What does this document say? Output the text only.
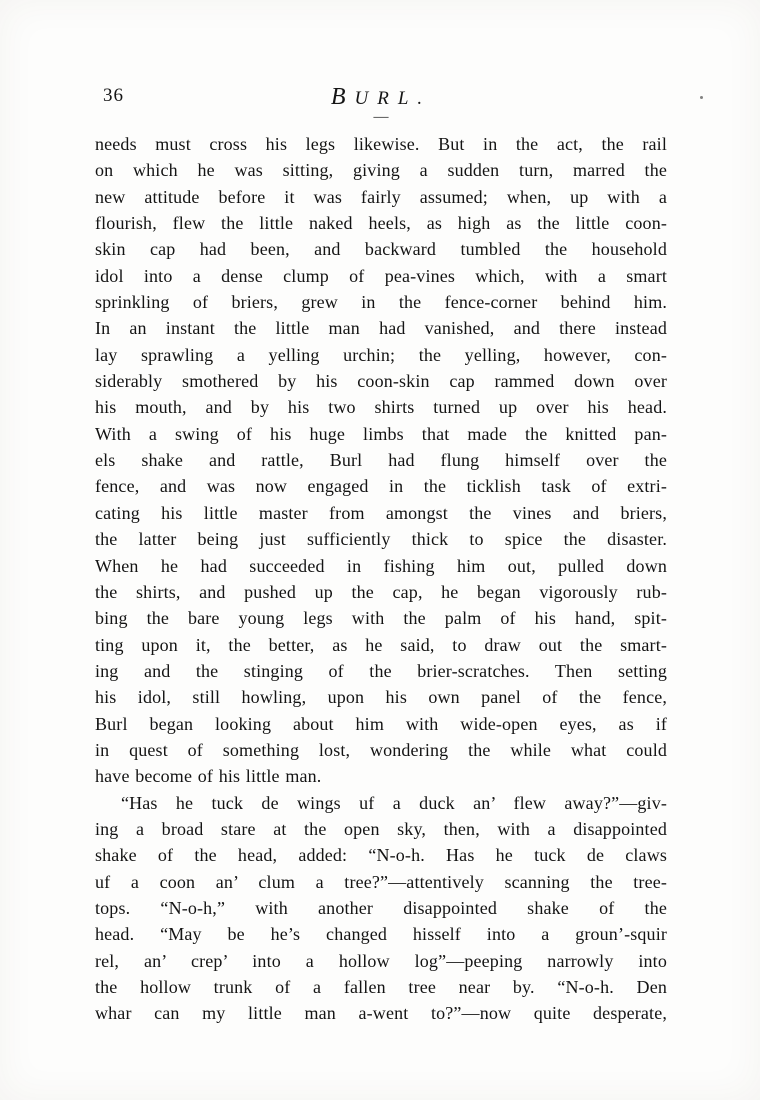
36	BURL.
—
needs must cross his legs likewise. But in the act, the rail
on which he was sitting, giving a sudden turn, marred the
new attitude before it was fairly assumed; when, up with a
flourish, flew the little naked heels, as high as the little coon-
skin cap had been, and backward tumbled the household
idol into a dense clump of pea-vines which, with a smart
sprinkling of briers, grew in the fence-corner behind him.
In an instant the little man had vanished, and there instead
lay sprawling a yelling urchin; the yelling, however, con-
siderably smothered by his coon-skin cap rammed down over
his mouth, and by his two shirts turned up over his head.
With a swing of his huge limbs that made the knitted pan-
els shake and rattle, Burl had flung himself over the
fence, and was now engaged in the ticklish task of extri-
cating his little master from amongst the vines and briers,
the latter being just sufficiently thick to spice the disaster.
When he had succeeded in fishing him out, pulled down
the shirts, and pushed up the cap, he began vigorously rub-
bing the bare young legs with the palm of his hand, spit-
ting upon it, the better, as he said, to draw out the smart-
ing and the stinging of the brier-scratches. Then setting
his idol, still howling, upon his own panel of the fence,
Burl began looking about him with wide-open eyes, as if
in quest of something lost, wondering the while what could
have become of his little man.
“Has he tuck de wings uf a duck an’ flew away?”—giv-
ing a broad stare at the open sky, then, with a disappointed
shake of the head, added: “N-o-h. Has he tuck de claws
uf a coon an’ clum a tree?”—attentively scanning the tree-
tops. “N-o-h,” with another disappointed shake of the
head. “May be he’s changed hisself into a groun’-squir
rel, an’ crep’ into a hollow log”—peeping narrowly into
the hollow trunk of a fallen tree near by. “N-o-h. Den
whar can my little man a-went to?”—now quite desperate,
